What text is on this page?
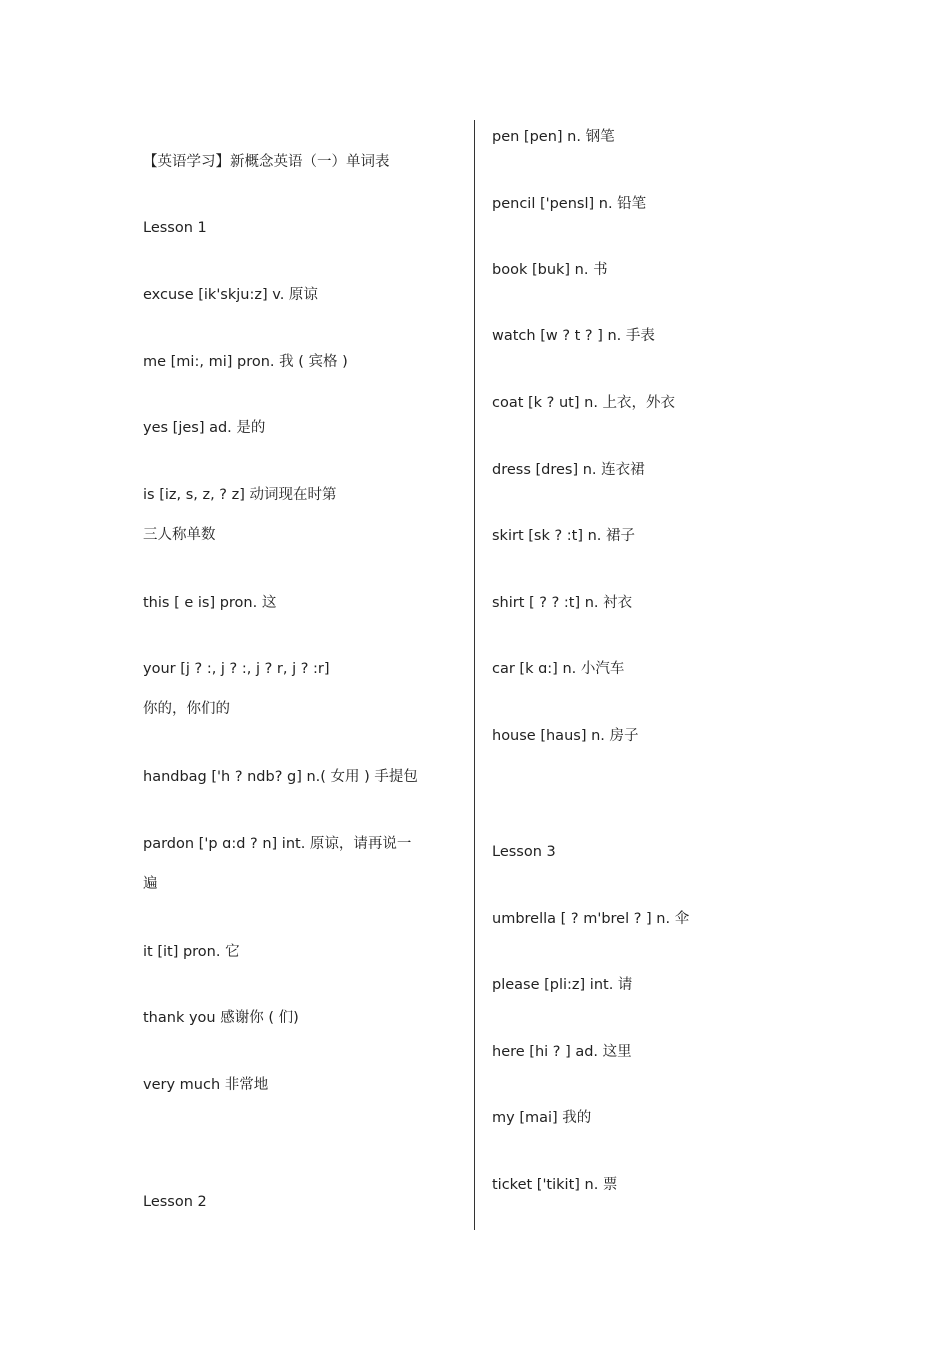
【英语学习】新概念英语（一）单词表
Lesson 1
excuse [ik'skju:z] v. 原谅
me [mi:, mi] pron. 我 ( 宾格 )
yes [jes] ad. 是的
is [iz, s, z, ? z] 动词现在时第
三人称单数
this [ e is] pron. 这
your [j ? :, j ? :, j ? r, j ? :r]
你的，你们的
handbag ['h ? ndb? g] n.( 女用 ) 手提包
pardon ['p ɑ:d ? n] int. 原谅，请再说一
遍
it [it] pron. 它
thank you 感谢你 ( 们)
very much 非常地
Lesson 2
pen [pen] n. 钢笔
pencil ['pensl] n. 铅笔
book [buk] n. 书
watch [w ? t ? ] n. 手表
coat [k ? ut] n. 上衣，外衣
dress [dres] n. 连衣裙
skirt [sk ? :t] n. 裙子
shirt [ ? ? :t] n. 衬衣
car [k ɑ:] n. 小汽车
house [haus] n. 房子
Lesson 3
umbrella [ ? m'brel ? ] n. 伞
please [pli:z] int. 请
here [hi ? ] ad. 这里
my [mai] 我的
ticket ['tikit] n. 票
